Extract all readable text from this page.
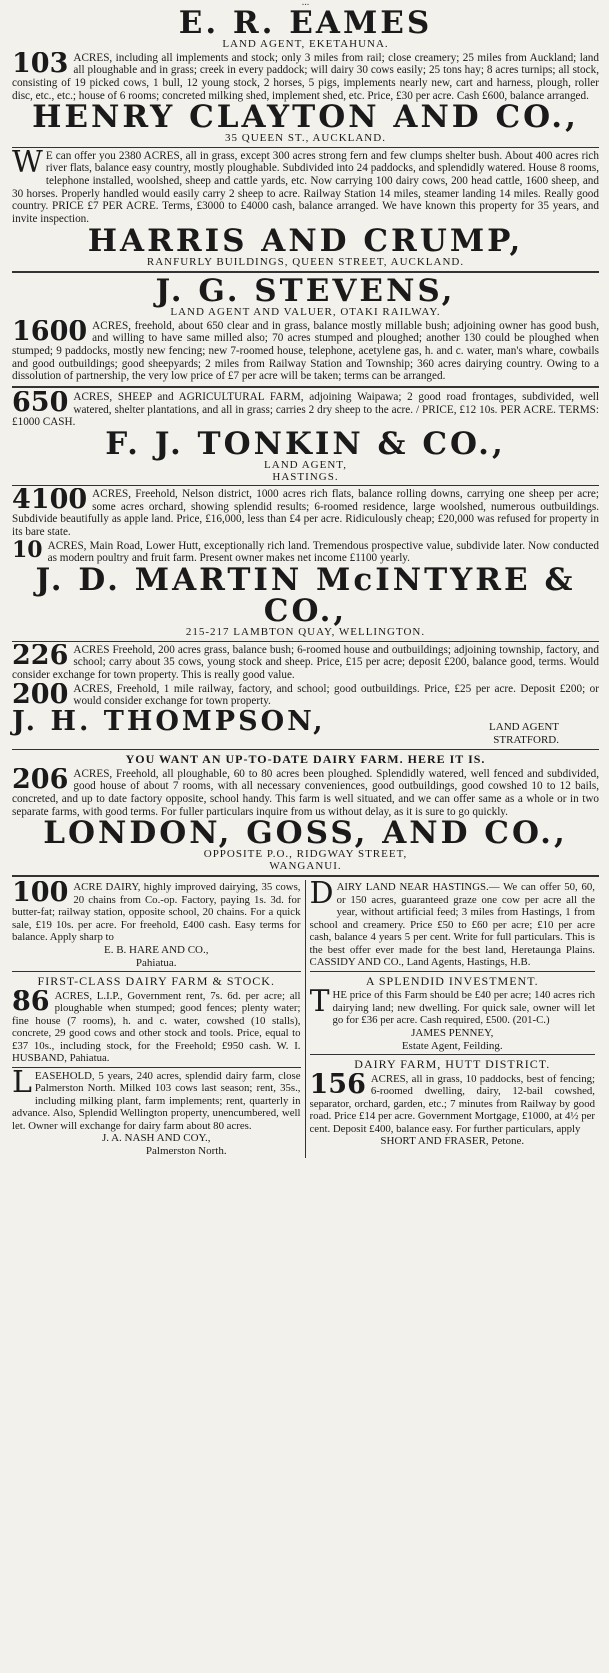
...

E. R. EAMES

LAND AGENT, EKETAHUNA.

103 ACRES, including all implements and stock; only 3 miles from rail; close creamery; 25 miles from Auckland; land all ploughable and in grass; creek in every paddock; will dairy 30 cows easily; 25 tons hay; 8 acres turnips; all stock, consisting of 19 picked cows, 1 bull, 12 young stock, 2 horses, 5 pigs, implements nearly new, cart and harness, plough, roller disc, etc., etc.; house of 6 rooms; concreted milking shed, implement shed, etc. Price, £30 per acre. Cash £600, balance arranged.

HENRY CLAYTON AND CO.,

35 QUEEN ST., AUCKLAND.

W E can offer you 2380 ACRES, all in grass, except 300 acres strong fern and few clumps shelter bush. About 400 acres rich river flats, balance easy country, mostly ploughable. Subdivided into 24 paddocks, and splendidly watered. House 8 rooms, telephone installed, woolshed, sheep and cattle yards, etc. Now carrying 100 dairy cows, 200 head cattle, 1600 sheep, and 30 horses. Properly handled would easily carry 2 sheep to acre. Railway Station 14 miles, steamer landing 14 miles. Really good country. PRICE £7 PER ACRE. Terms, £3000 to £4000 cash, balance arranged. We have known this property for 35 years, and invite inspection.

HARRIS AND CRUMP,

RANFURLY BUILDINGS, QUEEN STREET, AUCKLAND.

J. G. STEVENS,

LAND AGENT AND VALUER, OTAKI RAILWAY.

1600 ACRES, freehold, about 650 clear and in grass, balance mostly millable bush; adjoining owner has good bush, and willing to have same milled also; 70 acres stumped and ploughed; another 130 could be ploughed when stumped; 9 paddocks, mostly new fencing; new 7-roomed house, telephone, acetylene gas, h. and c. water, man's whare, cowbails and good outbuildings; good sheepyards; 2 miles from Railway Station and Township; 360 acres dairying country. Owing to a dissolution of partnership, the very low price of £7 per acre will be taken; terms can be arranged.
650 ACRES, SHEEP and AGRICULTURAL FARM, adjoining Waipawa; 2 good road frontages, subdivided, well watered, shelter plantations, and all in grass; carries 2 dry sheep to the acre. / PRICE, £12 10s. PER ACRE. TERMS: £1000 CASH.

F. J. TONKIN & CO.,

LAND AGENT,

HASTINGS.

4100 ACRES, Freehold, Nelson district, 1000 acres rich flats, balance rolling downs, carrying one sheep per acre; some acres orchard, showing splendid results; 6-roomed residence, large woolshed, numerous outbuildings. Subdivide beautifully as apple land. Price, £16,000, less than £4 per acre. Ridiculously cheap; £20,000 was refused for property in its bare state.
10 ACRES, Main Road, Lower Hutt, exceptionally rich land. Tremendous prospective value, subdivide later. Now conducted as modern poultry and fruit farm. Present owner makes net income £1100 yearly.

J. D. MARTIN McINTYRE & CO.,

215-217 LAMBTON QUAY, WELLINGTON.

226 ACRES Freehold, 200 acres grass, balance bush; 6-roomed house and outbuildings; adjoining township, factory, and school; carry about 35 cows, young stock and sheep. Price, £15 per acre; deposit £200, balance good, terms. Would consider exchange for town property. This is really good value.
200 ACRES, Freehold, 1 mile railway, factory, and school; good outbuildings. Price, £25 per acre. Deposit £200; or would consider exchange for town property.

J. H. THOMPSON,	LAND AGENT
STRATFORD.
YOU WANT AN UP-TO-DATE DAIRY FARM. HERE IT IS.
206 ACRES, Freehold, all ploughable, 60 to 80 acres been ploughed. Splendidly watered, well fenced and subdivided, good house of about 7 rooms, with all necessary conveniences, good outbuildings, good cowshed 10 to 12 bails, concreted, and up to date factory opposite, school handy. This farm is well situated, and we can offer same as a whole or in two separate farms, with good terms. For fuller particulars inquire from us without delay, as it is sure to go quickly.

LONDON, GOSS, AND CO.,

OPPOSITE P.O., RIDGWAY STREET,

WANGANUI.

100 ACRE DAIRY, highly improved dairying, 35 cows, 20 chains from Co.-op. Factory, paying 1s. 3d. for butter-fat; railway station, opposite school, 20 chains. For a quick sale, £19 10s. per acre. For freehold, £400 cash. Easy terms for balance. Apply sharp to
E. B. HARE AND CO.,
Pahiatua.
FIRST-CLASS DAIRY FARM & STOCK.
86 ACRES, L.I.P., Government rent, 7s. 6d. per acre; all ploughable when stumped; good fences; plenty water; fine house (7 rooms), h. and c. water, cowshed (10 stalls), concrete, 29 good cows and other stock and tools. Price, equal to £37 10s., including stock, for the Freehold; £950 cash. W. I. HUSBAND, Pahiatua.
L EASEHOLD, 5 years, 240 acres, splendid dairy farm, close Palmerston North. Milked 103 cows last season; rent, 35s., including milking plant, farm implements; rent, quarterly in advance. Also, Splendid Wellington property, unencumbered, well let. Owner will exchange for dairy farm about 80 acres.
J. A. NASH AND COY.,
Palmerston North.
D AIRY LAND NEAR HASTINGS.— We can offer 50, 60, or 150 acres, guaranteed graze one cow per acre all the year, without artificial feed; 3 miles from Hastings, 1 from school and creamery. Price £50 to £60 per acre; £10 per acre cash, balance 4 years 5 per cent. Write for full particulars. This is the best offer ever made for the best land, Heretaunga Plains. CASSIDY AND CO., Land Agents, Hastings, H.B.
A SPLENDID INVESTMENT.
T HE price of this Farm should be £40 per acre; 140 acres rich dairying land; new dwelling. For quick sale, owner will let go for £36 per acre. Cash required, £500. (201-C.)
JAMES PENNEY,
Estate Agent, Feilding.
DAIRY FARM, HUTT DISTRICT.
156 ACRES, all in grass, 10 paddocks, best of fencing; 6-roomed dwelling, dairy, 12-bail cowshed, separator, orchard, garden, etc.; 7 minutes from Railway by good road. Price £14 per acre. Government Mortgage, £1000, at 4½ per cent. Deposit £400, balance easy. For further particulars, apply
SHORT AND FRASER, Petone.
